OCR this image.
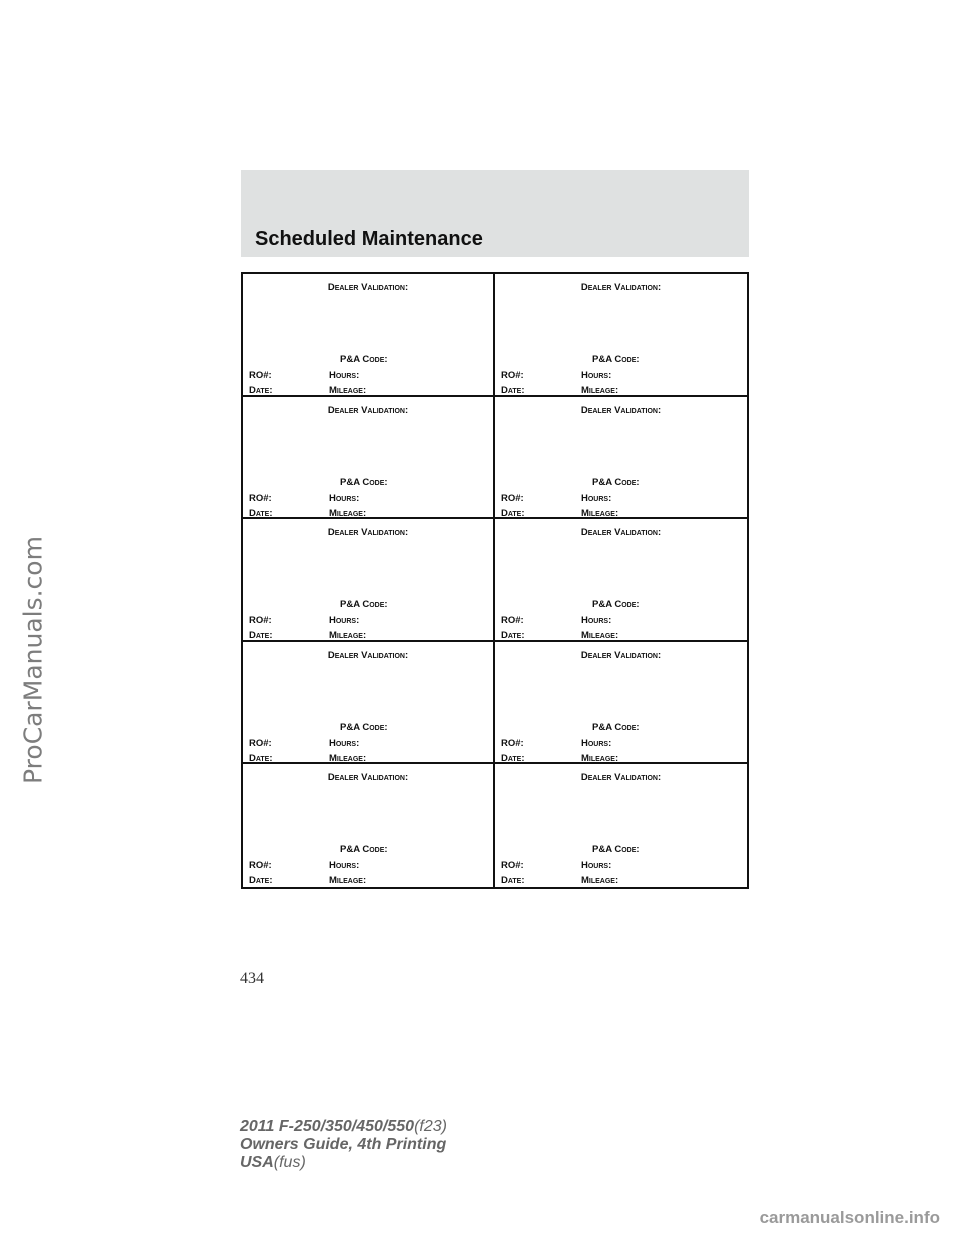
ProCarManuals.com
Scheduled Maintenance
Dealer Validation:
P&A Code:
RO#:	Hours:
Date:	Mileage:
Dealer Validation:
P&A Code:
RO#:	Hours:
Date:	Mileage:
Dealer Validation:
P&A Code:
RO#:	Hours:
Date:	Mileage:
Dealer Validation:
P&A Code:
RO#:	Hours:
Date:	Mileage:
Dealer Validation:
P&A Code:
RO#:	Hours:
Date:	Mileage:
Dealer Validation:
P&A Code:
RO#:	Hours:
Date:	Mileage:
Dealer Validation:
P&A Code:
RO#:	Hours:
Date:	Mileage:
Dealer Validation:
P&A Code:
RO#:	Hours:
Date:	Mileage:
Dealer Validation:
P&A Code:
RO#:	Hours:
Date:	Mileage:
Dealer Validation:
P&A Code:
RO#:	Hours:
Date:	Mileage:
434
2011 F-250/350/450/550(f23)
Owners Guide, 4th Printing
USA(fus)
carmanualsonline.info
